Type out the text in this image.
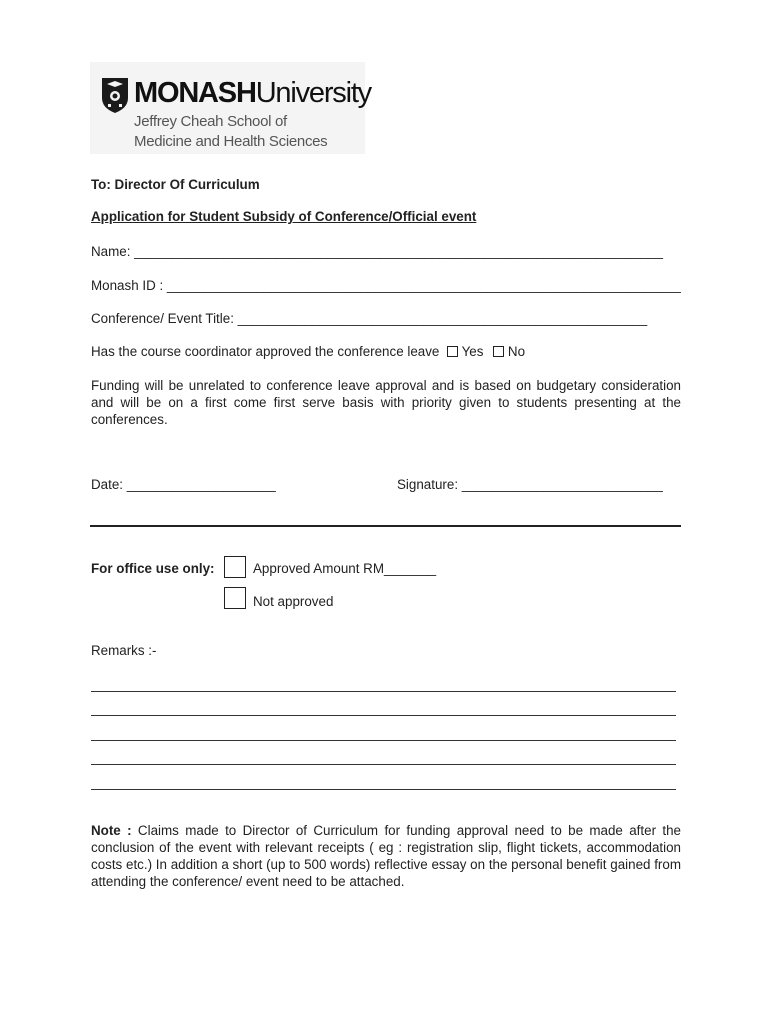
MONASHUniversity
Jeffrey Cheah School of
Medicine and Health Sciences
To: Director Of Curriculum
Application for Student Subsidy of Conference/Official event
Name: _______________________________________________________________________
Monash ID : _____________________________________________________________________
Conference/ Event Title: _______________________________________________________
Has the course coordinator approved the conference leave Yes No
Funding will be unrelated to conference leave approval and is based on budgetary consideration and will be on a first come first serve basis with priority given to students presenting at the conferences.
Date: ____________________	Signature: ___________________________
For office use only:	Approved Amount RM_______
Not approved
Remarks :-
Note : Claims made to Director of Curriculum for funding approval need to be made after the conclusion of the event with relevant receipts ( eg : registration slip, flight tickets, accommodation costs etc.) In addition a short (up to 500 words) reflective essay on the personal benefit gained from attending the conference/ event need to be attached.
